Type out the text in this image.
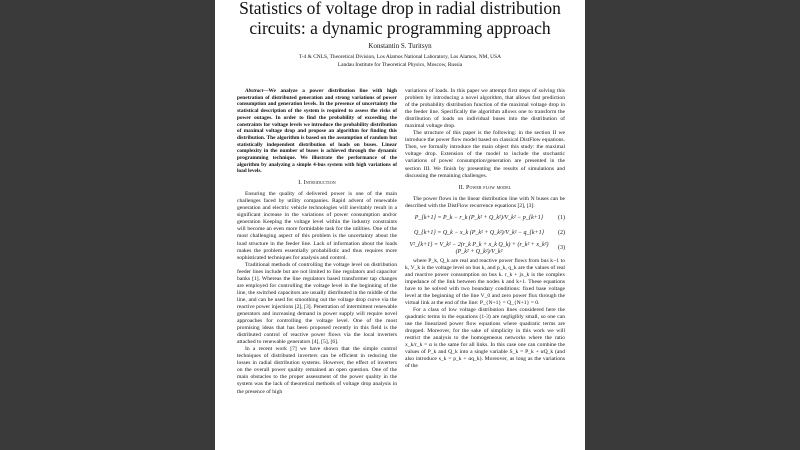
Statistics of voltage drop in radial distribution circuits: a dynamic programming approach
Konstantin S. Turitsyn
T-4 & CNLS, Theoretical Division, Los Alamos National Laboratory, Los Alamos, NM, USA
Landau Institute for Theoretical Physics, Moscow, Russia

Abstract—We analyze a power distribution line with high penetration of distributed generation and strong variations of power consumption and generation levels. In the presence of uncertainty the statistical description of the system is required to assess the risks of power outages. In order to find the probability of exceeding the constraints for voltage levels we introduce the probability distribution of maximal voltage drop and propose an algorithm for finding this distribution. The algorithm is based on the assumption of random but statistically independent distribution of loads on buses. Linear complexity in the number of buses is achieved through the dynamic programming technique. We illustrate the performance of the algorithm by analyzing a simple 4-bus system with high variations of load levels.

I. Introduction

Ensuring the quality of delivered power is one of the main challenges faced by utility companies. Rapid advent of renewable generation and electric vehicle technologies will inevitably result in a significant increase in the variations of power consumption and/or generation Keeping the voltage level within the industry constraints will become an even more formidable task for the utilities. One of the most challenging aspect of this problem is the uncertainty about the load structure in the feeder line. Lack of information about the loads makes the problem essentially probabilistic and thus requires more sophisticated techniques for analysis and control.

Traditional methods of controlling the voltage level on distribution feeder lines include but are not limited to line regulators and capacitor banks [1]. Whereas the line regulators based transformer tap changes are employed for controlling the voltage level in the beginning of the line, the switched capacitors are usually distributed in the middle of the line, and can be used for smoothing out the voltage drop curve via the reactive power injections [2], [3]. Penetration of intermittent renewable generators and increasing demand in power supply will require novel approaches for controlling the voltage level. One of the most promising ideas that has been proposed recently in this field is the distributed control of reactive power flows via the local inverters attached to renewable generators [4], [5], [6].

In a recent work [7] we have shown that the simple control techniques of distributed inverters can be efficient in reducing the losses in radial distribution systems. However, the effect of inverters on the overall power quality remained an open question. One of the main obstacles to the proper assessment of the power quality in the system was the lack of theoretical methods of voltage drop analysis in the presence of high

variations of loads. In this paper we attempt first steps of solving this problem by introducing a novel algorithm, that allows fast prediction of the probability distribution function of the maximal voltage drop in the feeder line. Specifically the algorithm allows one to transform the distribution of loads on individual buses into the distribution of maximal voltage drop.

The structure of this paper is the following: in the section II we introduce the power flow model based on classical DistFlow equations. Then, we formally introduce the main object this study: the maximal voltage drop. Extension of the model to include the stochastic variations of power consumption/generation are presented in the section III. We finish by presenting the results of simulations and discussing the remaining challenges.

II. Power flow model

The power flows in the linear distribution line with N buses can be described with the DistFlow recurrence equations [2], [3]:

P_{k+1} = P_k − r_k (P_k² + Q_k²)/V_k² − p_{k+1}	(1)
Q_{k+1} = Q_k − x_k (P_k² + Q_k²)/V_k² − q_{k+1}	(2)
V²_{k+1} = V_k² − 2(r_k P_k + x_k Q_k) + (r_k² + x_k²)(P_k² + Q_k²)/V_k²
(3)

where P_k, Q_k are real and reactive power flows from bus k−1 to k, V_k is the voltage level on bus k, and p_k, q_k are the values of real and reactive power consumption on bus k. r_k + jx_k is the complex impedance of the link between the nodes k and k+1. These equations have to be solved with two boundary conditions: fixed base voltage level at the beginning of the line V_0 and zero power flux through the virtual link at the end of the line: P_{N+1} = Q_{N+1} = 0.

For a class of low voltage distribution lines considered here the quadratic terms in the equations (1-3) are negligibly small, so one can use the linearized power flow equations where quadratic terms are dropped. Moreover, for the sake of simplicity in this work we will restrict the analysis to the homogeneous networks where the ratio x_k/r_k = α is the same for all links. In this case one can combine the values of P_k and Q_k into a single variable S_k = P_k + αQ_k (and also introduce s_k = p_k + αq_k). Moreover, as long as the variations of the
